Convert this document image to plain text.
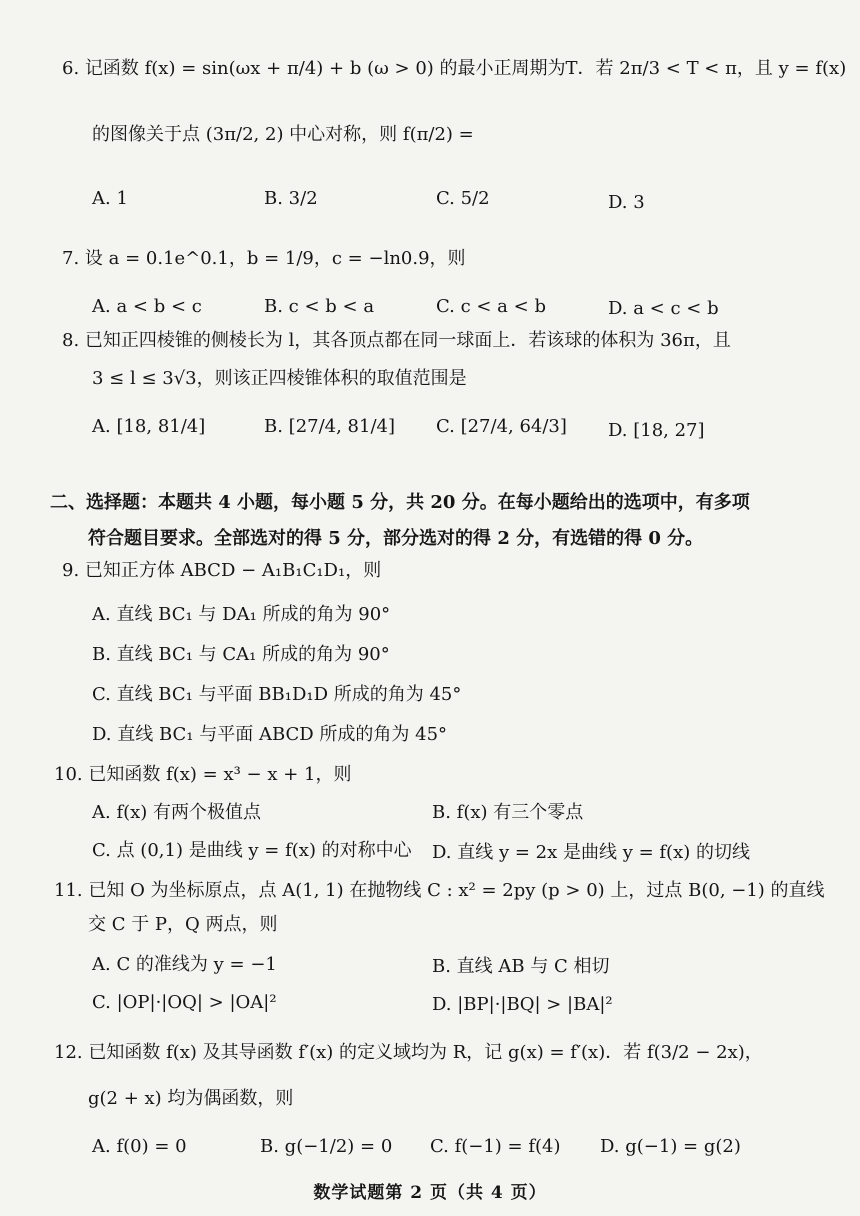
6. 记函数 f(x) = sin(ωx + π/4) + b (ω > 0) 的最小正周期为T．若 2π/3 < T < π，且 y = f(x)
的图像关于点 (3π/2, 2) 中心对称，则 f(π/2) =
A. 1	B. 3/2	C. 5/2	D. 3
7. 设 a = 0.1e^0.1，b = 1/9，c = −ln0.9，则
A. a < b < c	B. c < b < a	C. c < a < b	D. a < c < b
8. 已知正四棱锥的侧棱长为 l，其各顶点都在同一球面上．若该球的体积为 36π，且
3 ≤ l ≤ 3√3，则该正四棱锥体积的取值范围是
A. [18, 81/4]	B. [27/4, 81/4] C. [27/4, 64/3] D. [18, 27]
二、选择题：本题共 4 小题，每小题 5 分，共 20 分。在每小题给出的选项中，有多项
符合题目要求。全部选对的得 5 分，部分选对的得 2 分，有选错的得 0 分。
9. 已知正方体 ABCD − A₁B₁C₁D₁，则
A. 直线 BC₁ 与 DA₁ 所成的角为 90°
B. 直线 BC₁ 与 CA₁ 所成的角为 90°
C. 直线 BC₁ 与平面 BB₁D₁D 所成的角为 45°
D. 直线 BC₁ 与平面 ABCD 所成的角为 45°
10. 已知函数 f(x) = x³ − x + 1，则
A. f(x) 有两个极值点	B. f(x) 有三个零点
C. 点 (0,1) 是曲线 y = f(x) 的对称中心 D. 直线 y = 2x 是曲线 y = f(x) 的切线
11. 已知 O 为坐标原点，点 A(1, 1) 在抛物线 C : x² = 2py (p > 0) 上，过点 B(0, −1) 的直线
交 C 于 P，Q 两点，则
A. C 的准线为 y = −1	B. 直线 AB 与 C 相切
C. |OP|·|OQ| > |OA|²	D. |BP|·|BQ| > |BA|²
12. 已知函数 f(x) 及其导函数 f′(x) 的定义域均为 R，记 g(x) = f′(x)．若 f(3/2 − 2x)，
g(2 + x) 均为偶函数，则
A. f(0) = 0	B. g(−1/2) = 0 C. f(−1) = f(4) D. g(−1) = g(2)
数学试题第 2 页（共 4 页）
